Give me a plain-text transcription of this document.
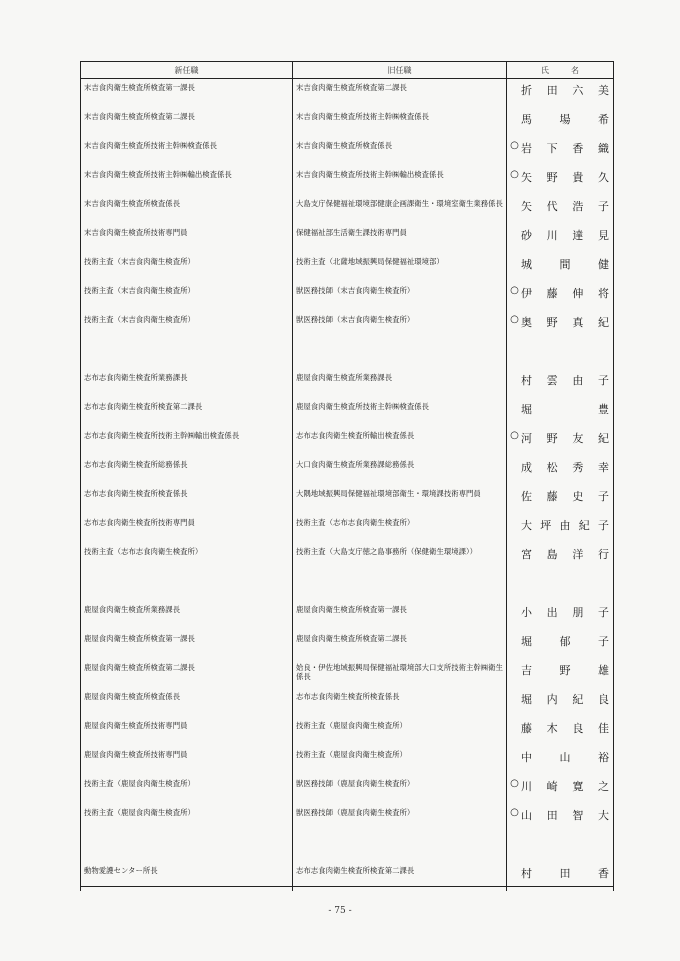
新任職	旧任職	氏名
末吉食肉衛生検査所検査第一課長	末吉食肉衛生検査所検査第二課長	折 田 六 美
末吉食肉衛生検査所検査第二課長	末吉食肉衛生検査所技術主幹㈱検査係長	馬	場	希
末吉食肉衛生検査所技術主幹㈱検査係長	末吉食肉衛生検査所検査係長	○ 岩 下 香 織
末吉食肉衛生検査所技術主幹㈱輸出検査係長	末吉食肉衛生検査所技術主幹㈱輸出検査係長	○ 矢 野 貴 久
末吉食肉衛生検査所検査係長	大島支庁保健福祉環境部健康企画課衛生・環境室衛生業務係長	矢 代 浩 子
末吉食肉衛生検査所技術専門員	保健福祉部生活衛生課技術専門員	砂 川 達 見
技術主査（末吉食肉衛生検査所）	技術主査（北薩地域振興局保健福祉環境部）	城	間	健
技術主査（末吉食肉衛生検査所）	獣医務技師（末吉食肉衛生検査所）	○ 伊 藤 伸 将
技術主査（末吉食肉衛生検査所）	獣医務技師（末吉食肉衛生検査所）	○ 奥 野 真 紀
志布志食肉衛生検査所業務課長	鹿屋食肉衛生検査所業務課長	村 雲 由 子
志布志食肉衛生検査所検査第二課長	鹿屋食肉衛生検査所技術主幹㈱検査係長	堀	豊
志布志食肉衛生検査所技術主幹㈱輸出検査係長	志布志食肉衛生検査所輸出検査係長	○ 河 野 友 紀
志布志食肉衛生検査所総務係長	大口食肉衛生検査所業務課総務係長	成 松 秀 幸
志布志食肉衛生検査所検査係長	大隅地域振興局保健福祉環境部衛生・環境課技術専門員	佐 藤 史 子
志布志食肉衛生検査所技術専門員	技術主査（志布志食肉衛生検査所）	大 坪 由 紀 子
技術主査（志布志食肉衛生検査所）	技術主査（大島支庁徳之島事務所（保健衛生環境課））	宮 島 洋 行
鹿屋食肉衛生検査所業務課長	鹿屋食肉衛生検査所検査第一課長	小 出 朋 子
鹿屋食肉衛生検査所検査第一課長	鹿屋食肉衛生検査所検査第二課長	堀	郁	子
鹿屋食肉衛生検査所検査第二課長	姶良・伊佐地域振興局保健福祉環境部大口支所技術主幹㈱衛生係長	吉	野	雄
鹿屋食肉衛生検査所検査係長	志布志食肉衛生検査所検査係長	堀 内 紀 良
鹿屋食肉衛生検査所技術専門員	技術主査（鹿屋食肉衛生検査所）	藤 木 良 佳
鹿屋食肉衛生検査所技術専門員	技術主査（鹿屋食肉衛生検査所）	中	山	裕
技術主査（鹿屋食肉衛生検査所）	獣医務技師（鹿屋食肉衛生検査所）	○ 川 崎 寛 之
技術主査（鹿屋食肉衛生検査所）	獣医務技師（鹿屋食肉衛生検査所）	○ 山 田 智 大
動物愛護センター所長	志布志食肉衛生検査所検査第二課長	村	田	香
- 75 -
